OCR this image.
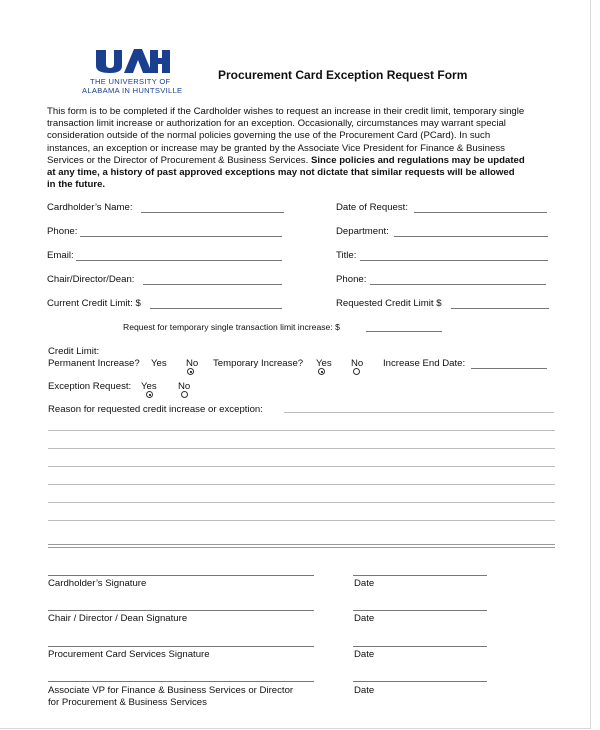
THE UNIVERSITY OF
ALABAMA IN HUNTSVILLE
Procurement Card Exception Request Form
This form is to be completed if the Cardholder wishes to request an increase in their credit limit, temporary single
transaction limit increase or authorization for an exception. Occasionally, circumstances may warrant special
consideration outside of the normal policies governing the use of the Procurement Card (PCard). In such
instances, an exception or increase may be granted by the Associate Vice President for Finance & Business
Services or the Director of Procurement & Business Services. Since policies and regulations may be updated
at any time, a history of past approved exceptions may not dictate that similar requests will be allowed
in the future.
Cardholder’s Name:	Date of Request:
Phone:	Department:
Email:	Title:
Chair/Director/Dean:	Phone:
Current Credit Limit: $	Requested Credit Limit $
Request for temporary single transaction limit increase: $
Credit Limit:
Permanent Increase? Yes No Temporary Increase? Yes No Increase End Date:
Exception Request: Yes No
Reason for requested credit increase or exception:
Cardholder’s Signature	Date
Chair / Director / Dean Signature	Date
Procurement Card Services Signature	Date
Associate VP for Finance & Business Services or Director
for Procurement & Business Services
Date
